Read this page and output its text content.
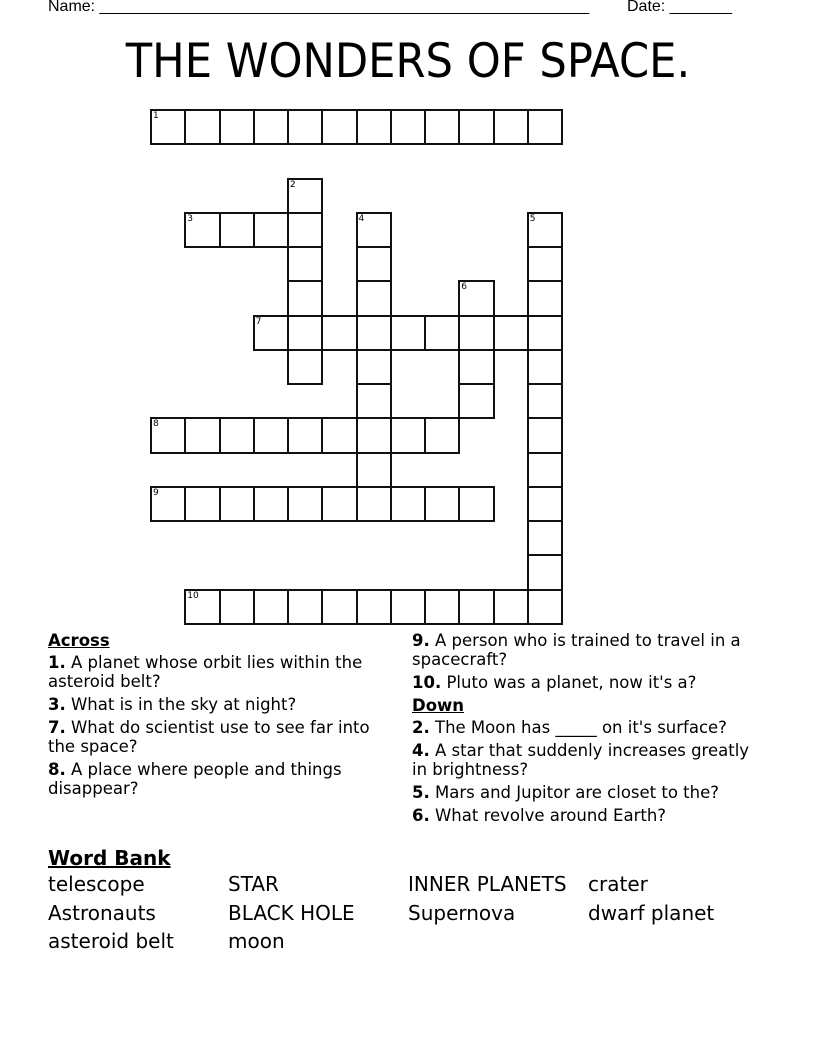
Name: _______________________________________________________ Date: _______
THE WONDERS OF SPACE.
1
2
3	4	5
6
7
8
9
10
Across
1. A planet whose orbit lies within the asteroid belt?
3. What is in the sky at night?
7. What do scientist use to see far into the space?
8. A place where people and things disappear?
9. A person who is trained to travel in a spacecraft?
10. Pluto was a planet, now it's a?
Down
2. The Moon has _____ on it's surface?
4. A star that suddenly increases greatly in brightness?
5. Mars and Jupitor are closet to the?
6. What revolve around Earth?
Word Bank
telescope	STAR	INNER PLANETS	crater
Astronauts	BLACK HOLE	Supernova	dwarf planet
asteroid belt	moon
